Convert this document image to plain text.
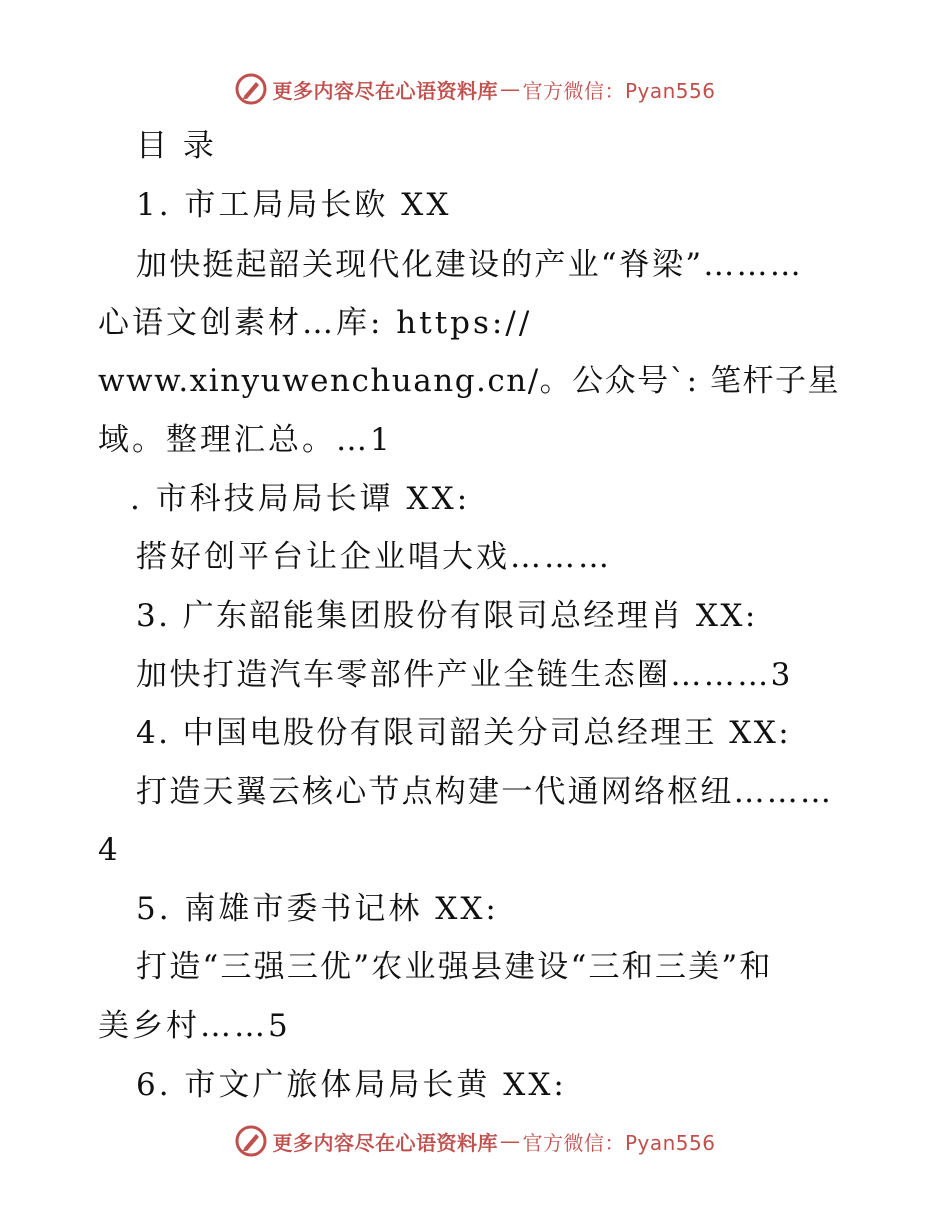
更多内容尽在心语资料库 — 官方微信：Pyan556
目 录
1. 市工局局长欧 XX
加快挺起韶关现代化建设的产业“脊梁”………
心语文创素材…库: https://
www.xinyuwenchuang.cn/。公众号`: 笔杆子星
域。整理汇总。…1
. 市科技局局长谭 XX:
搭好创平台让企业唱大戏………
3. 广东韶能集团股份有限司总经理肖 XX:
加快打造汽车零部件产业全链生态圈………3
4. 中国电股份有限司韶关分司总经理王 XX:
打造天翼云核心节点构建一代通网络枢纽………
4
5. 南雄市委书记林 XX:
打造“三强三优”农业强县建设“三和三美”和
美乡村……5
6. 市文广旅体局局长黄 XX:
更多内容尽在心语资料库 — 官方微信：Pyan556
